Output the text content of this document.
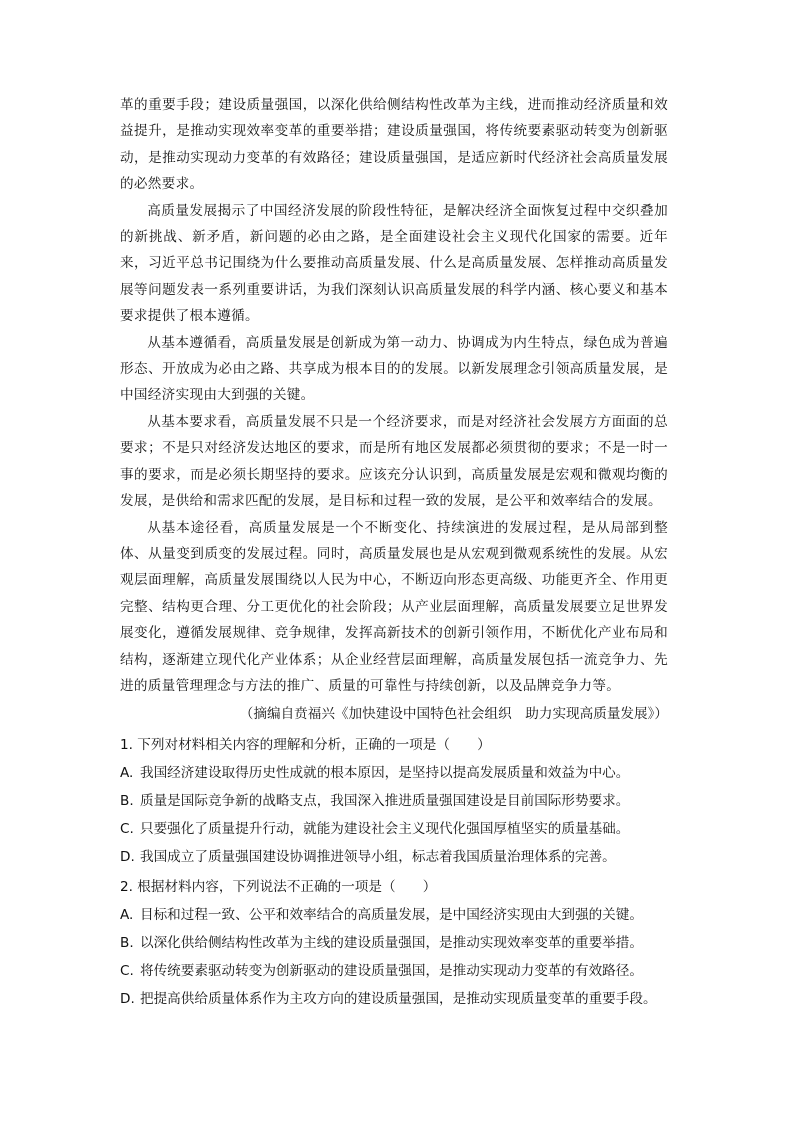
革的重要手段；建设质量强国，以深化供给侧结构性改革为主线，进而推动经济质量和效益提升，是推动实现效率变革的重要举措；建设质量强国，将传统要素驱动转变为创新驱动，是推动实现动力变革的有效路径；建设质量强国，是适应新时代经济社会高质量发展的必然要求。

高质量发展揭示了中国经济发展的阶段性特征，是解决经济全面恢复过程中交织叠加的新挑战、新矛盾，新问题的必由之路，是全面建设社会主义现代化国家的需要。近年来，习近平总书记围绕为什么要推动高质量发展、什么是高质量发展、怎样推动高质量发展等问题发表一系列重要讲话，为我们深刻认识高质量发展的科学内涵、核心要义和基本要求提供了根本遵循。

从基本遵循看，高质量发展是创新成为第一动力、协调成为内生特点，绿色成为普遍形态、开放成为必由之路、共享成为根本目的的发展。以新发展理念引领高质量发展，是中国经济实现由大到强的关键。

从基本要求看，高质量发展不只是一个经济要求，而是对经济社会发展方方面面的总要求；不是只对经济发达地区的要求，而是所有地区发展都必须贯彻的要求；不是一时一事的要求，而是必须长期坚持的要求。应该充分认识到，高质量发展是宏观和微观均衡的发展，是供给和需求匹配的发展，是目标和过程一致的发展，是公平和效率结合的发展。

从基本途径看，高质量发展是一个不断变化、持续演进的发展过程，是从局部到整体、从量变到质变的发展过程。同时，高质量发展也是从宏观到微观系统性的发展。从宏观层面理解，高质量发展围绕以人民为中心，不断迈向形态更高级、功能更齐全、作用更完整、结构更合理、分工更优化的社会阶段；从产业层面理解，高质量发展要立足世界发展变化，遵循发展规律、竞争规律，发挥高新技术的创新引领作用，不断优化产业布局和结构，逐渐建立现代化产业体系；从企业经营层面理解，高质量发展包括一流竞争力、先进的质量管理理念与方法的推广、质量的可靠性与持续创新，以及品牌竞争力等。

（摘编自贲福兴《加快建设中国特色社会组织　助力实现高质量发展》）

1. 下列对材料相关内容的理解和分析，正确的一项是（　　）

A. 我国经济建设取得历史性成就的根本原因，是坚持以提高发展质量和效益为中心。

B. 质量是国际竞争新的战略支点，我国深入推进质量强国建设是目前国际形势要求。

C. 只要强化了质量提升行动，就能为建设社会主义现代化强国厚植坚实的质量基础。

D. 我国成立了质量强国建设协调推进领导小组，标志着我国质量治理体系的完善。

2. 根据材料内容，下列说法不正确的一项是（　　）

A. 目标和过程一致、公平和效率结合的高质量发展，是中国经济实现由大到强的关键。

B. 以深化供给侧结构性改革为主线的建设质量强国，是推动实现效率变革的重要举措。

C. 将传统要素驱动转变为创新驱动的建设质量强国，是推动实现动力变革的有效路径。

D. 把提高供给质量体系作为主攻方向的建设质量强国，是推动实现质量变革的重要手段。
